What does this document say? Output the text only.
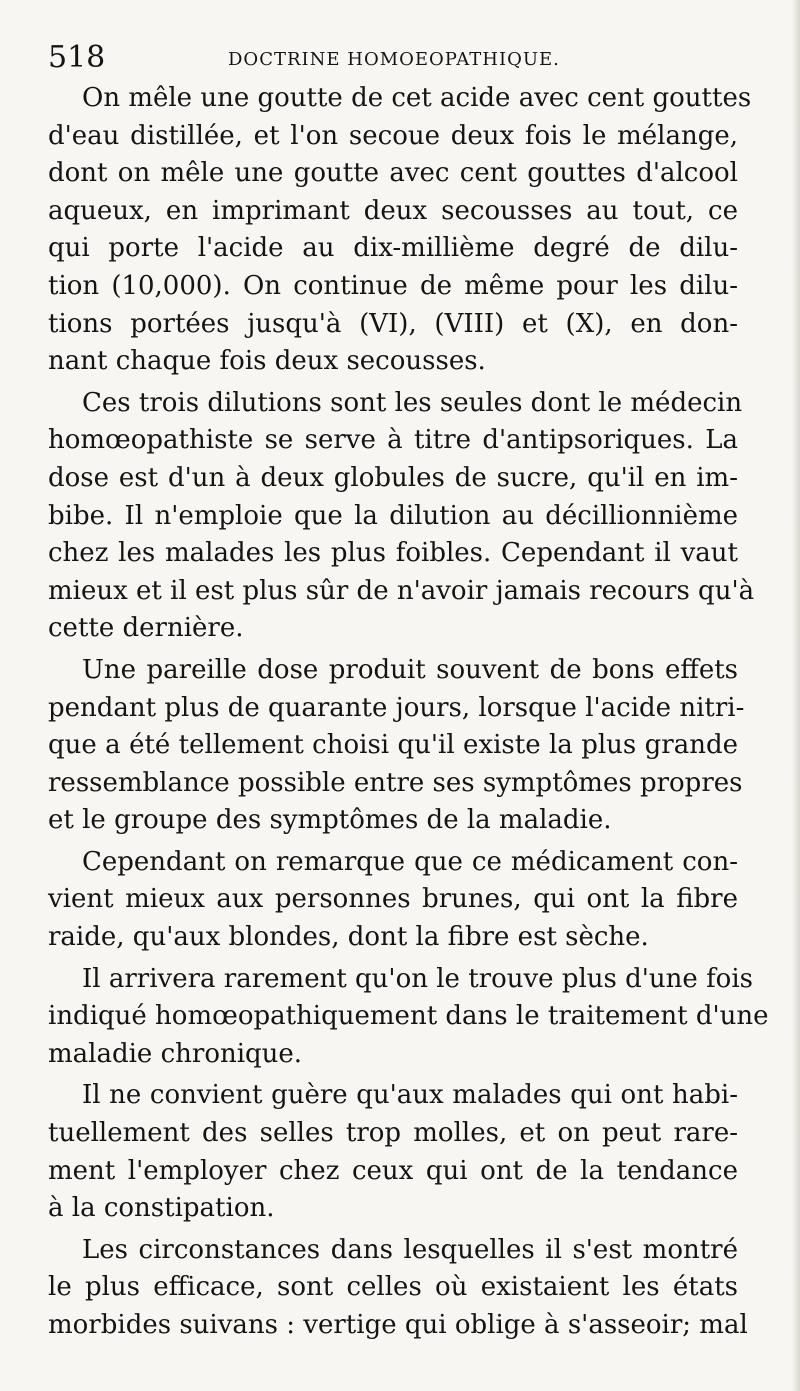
518	DOCTRINE HOMOEOPATHIQUE.
On mêle une goutte de cet acide avec cent gouttes
d'eau distillée, et l'on secoue deux fois le mélange,
dont on mêle une goutte avec cent gouttes d'alcool
aqueux, en imprimant deux secousses au tout, ce
qui porte l'acide au dix-millième degré de dilu-
tion (10,000). On continue de même pour les dilu-
tions portées jusqu'à (VI), (VIII) et (X), en don-
nant chaque fois deux secousses.
Ces trois dilutions sont les seules dont le médecin
homœopathiste se serve à titre d'antipsoriques. La
dose est d'un à deux globules de sucre, qu'il en im-
bibe. Il n'emploie que la dilution au décillionnième
chez les malades les plus foibles. Cependant il vaut
mieux et il est plus sûr de n'avoir jamais recours qu'à
cette dernière.
Une pareille dose produit souvent de bons effets
pendant plus de quarante jours, lorsque l'acide nitri-
que a été tellement choisi qu'il existe la plus grande
ressemblance possible entre ses symptômes propres
et le groupe des symptômes de la maladie.
Cependant on remarque que ce médicament con-
vient mieux aux personnes brunes, qui ont la fibre
raide, qu'aux blondes, dont la fibre est sèche.
Il arrivera rarement qu'on le trouve plus d'une fois
indiqué homœopathiquement dans le traitement d'une
maladie chronique.
Il ne convient guère qu'aux malades qui ont habi-
tuellement des selles trop molles, et on peut rare-
ment l'employer chez ceux qui ont de la tendance
à la constipation.
Les circonstances dans lesquelles il s'est montré
le plus efficace, sont celles où existaient les états
morbides suivans : vertige qui oblige à s'asseoir; mal
